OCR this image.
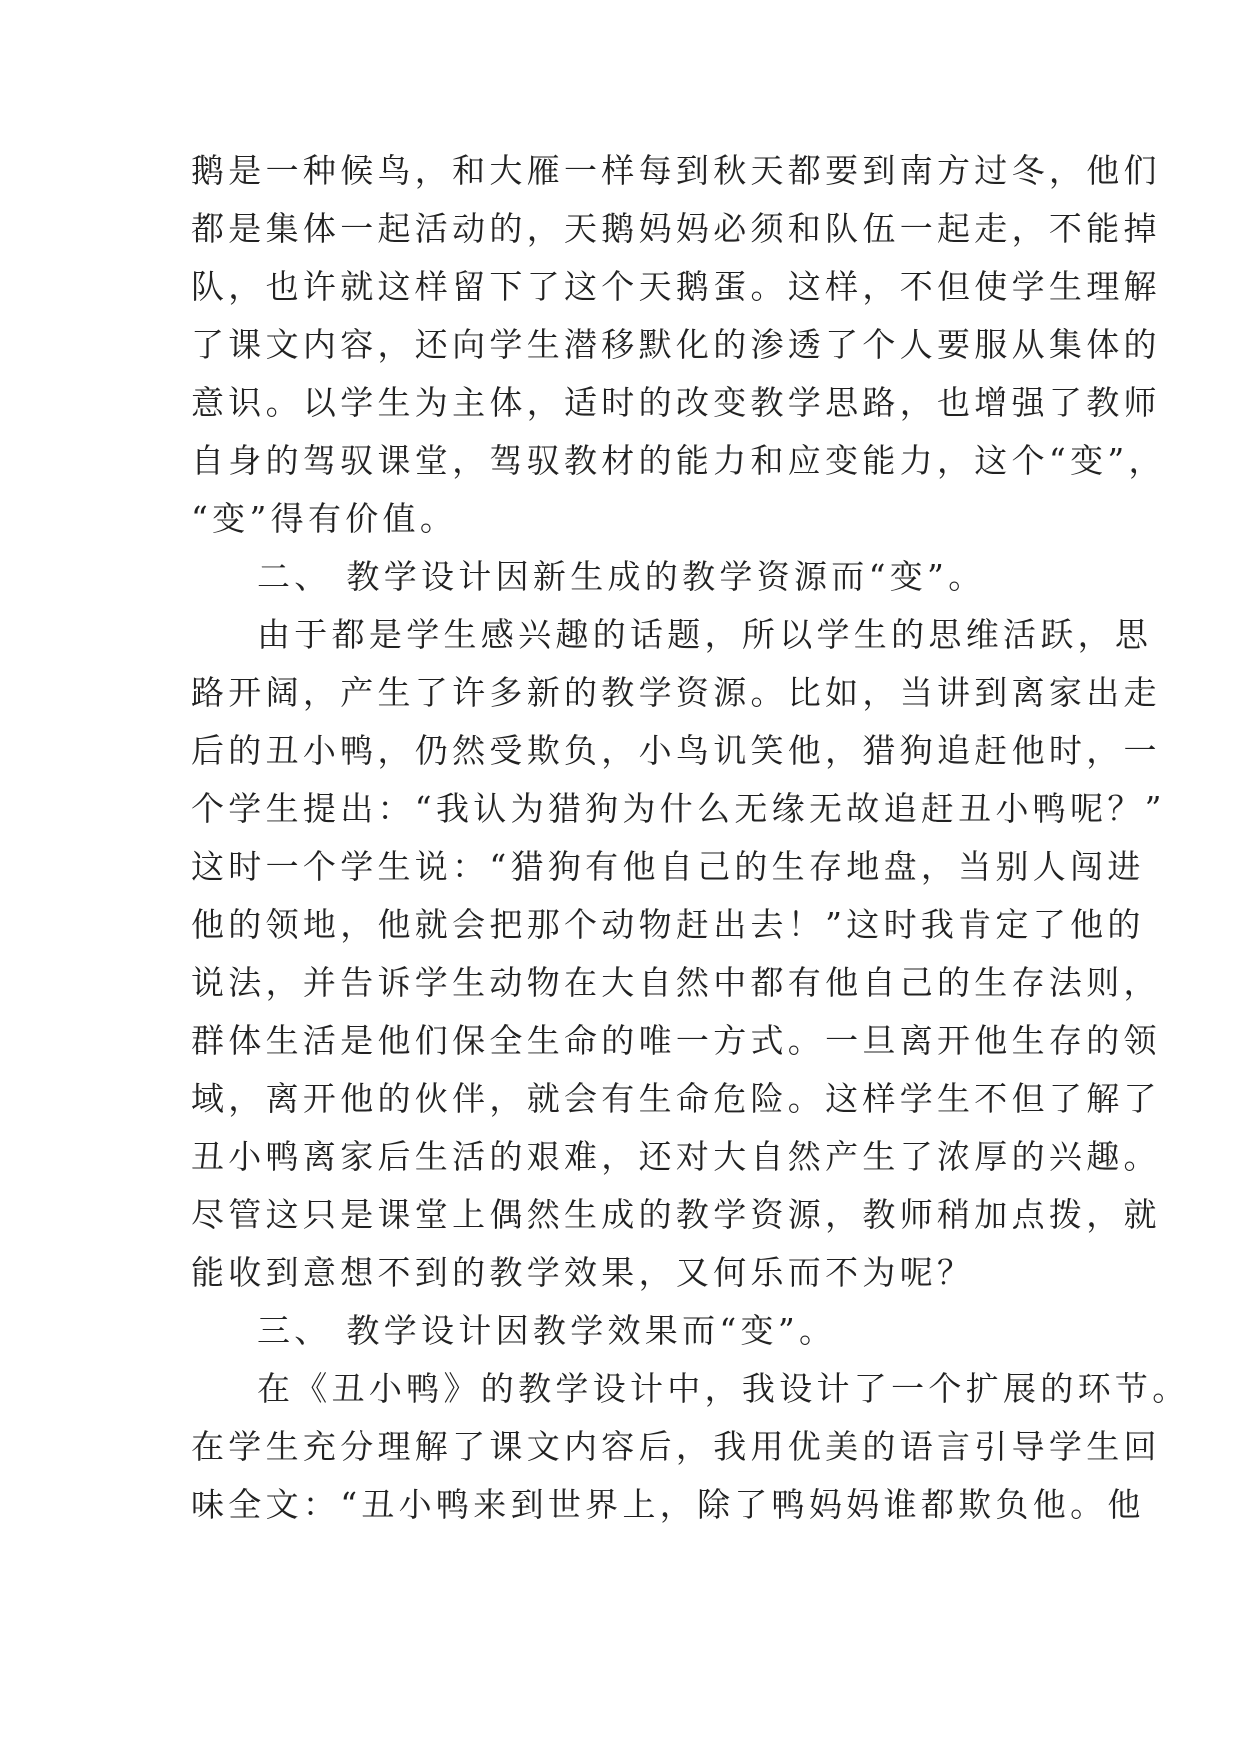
鹅是一种候鸟，和大雁一样每到秋天都要到南方过冬，他们
都是集体一起活动的，天鹅妈妈必须和队伍一起走，不能掉
队，也许就这样留下了这个天鹅蛋。这样，不但使学生理解
了课文内容，还向学生潜移默化的渗透了个人要服从集体的
意识。以学生为主体，适时的改变教学思路，也增强了教师
自身的驾驭课堂，驾驭教材的能力和应变能力，这个“变”，
“变”得有价值。
二、 教学设计因新生成的教学资源而“变”。
由于都是学生感兴趣的话题，所以学生的思维活跃，思
路开阔，产生了许多新的教学资源。比如，当讲到离家出走
后的丑小鸭，仍然受欺负，小鸟讥笑他，猎狗追赶他时，一
个学生提出：“我认为猎狗为什么无缘无故追赶丑小鸭呢？”
这时一个学生说：“猎狗有他自己的生存地盘，当别人闯进
他的领地，他就会把那个动物赶出去！”这时我肯定了他的
说法，并告诉学生动物在大自然中都有他自己的生存法则，
群体生活是他们保全生命的唯一方式。一旦离开他生存的领
域，离开他的伙伴，就会有生命危险。这样学生不但了解了
丑小鸭离家后生活的艰难，还对大自然产生了浓厚的兴趣。
尽管这只是课堂上偶然生成的教学资源，教师稍加点拨，就
能收到意想不到的教学效果，又何乐而不为呢？
三、 教学设计因教学效果而“变”。
在《丑小鸭》的教学设计中，我设计了一个扩展的环节。
在学生充分理解了课文内容后，我用优美的语言引导学生回
味全文：“丑小鸭来到世界上，除了鸭妈妈谁都欺负他。他
